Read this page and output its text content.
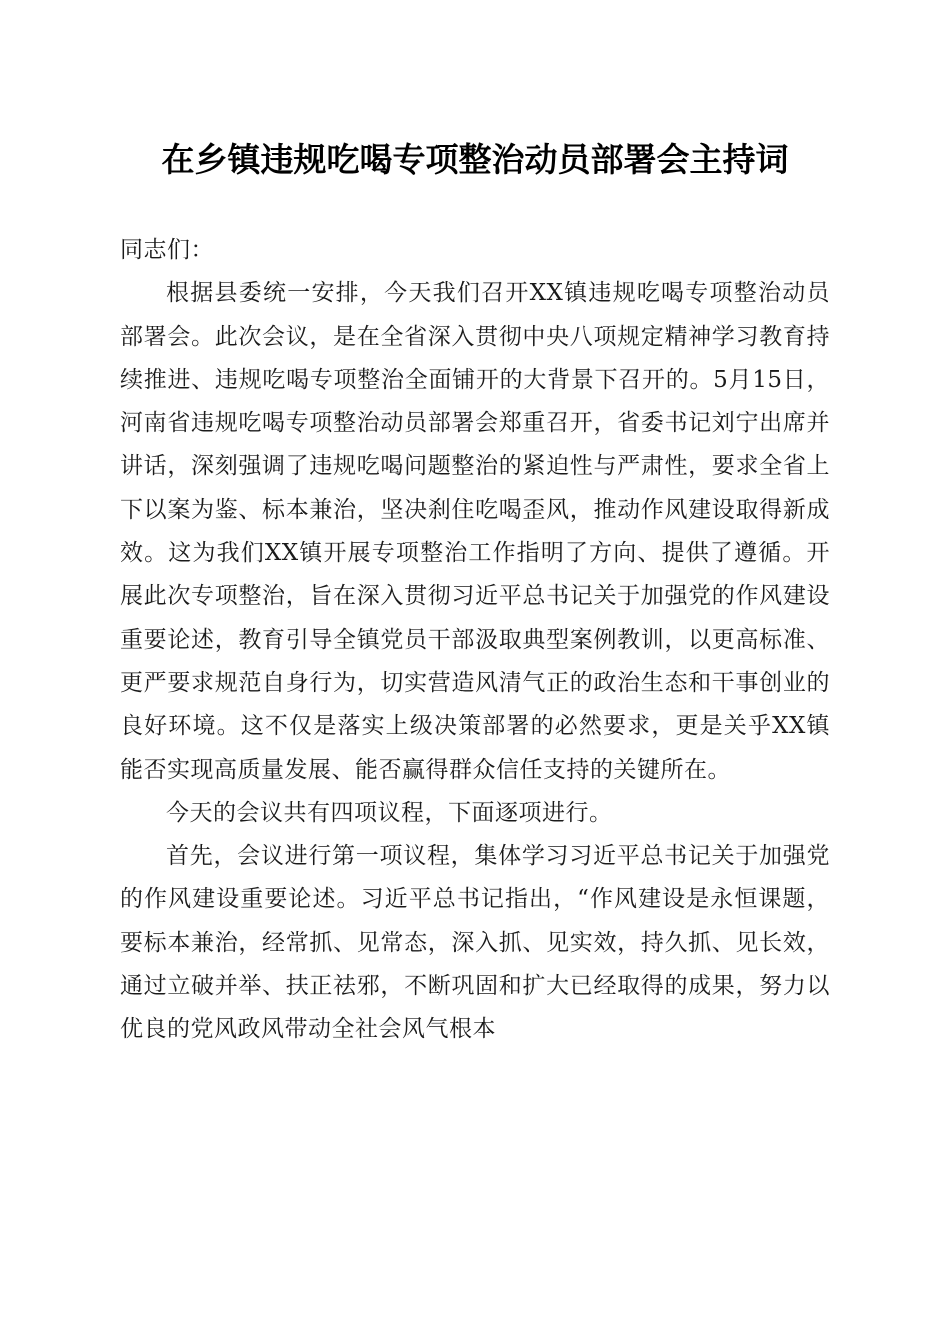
在乡镇违规吃喝专项整治动员部署会主持词

同志们：

根据县委统一安排，今天我们召开XX镇违规吃喝专项整治动员部署会。此次会议，是在全省深入贯彻中央八项规定精神学习教育持续推进、违规吃喝专项整治全面铺开的大背景下召开的。5月15日，河南省违规吃喝专项整治动员部署会郑重召开，省委书记刘宁出席并讲话，深刻强调了违规吃喝问题整治的紧迫性与严肃性，要求全省上下以案为鉴、标本兼治，坚决刹住吃喝歪风，推动作风建设取得新成效。这为我们XX镇开展专项整治工作指明了方向、提供了遵循。开展此次专项整治，旨在深入贯彻习近平总书记关于加强党的作风建设重要论述，教育引导全镇党员干部汲取典型案例教训，以更高标准、更严要求规范自身行为，切实营造风清气正的政治生态和干事创业的良好环境。这不仅是落实上级决策部署的必然要求，更是关乎XX镇能否实现高质量发展、能否赢得群众信任支持的关键所在。

今天的会议共有四项议程，下面逐项进行。

首先，会议进行第一项议程，集体学习习近平总书记关于加强党的作风建设重要论述。习近平总书记指出，“作风建设是永恒课题，要标本兼治，经常抓、见常态，深入抓、见实效，持久抓、见长效，通过立破并举、扶正祛邪，不断巩固和扩大已经取得的成果，努力以优良的党风政风带动全社会风气根本
